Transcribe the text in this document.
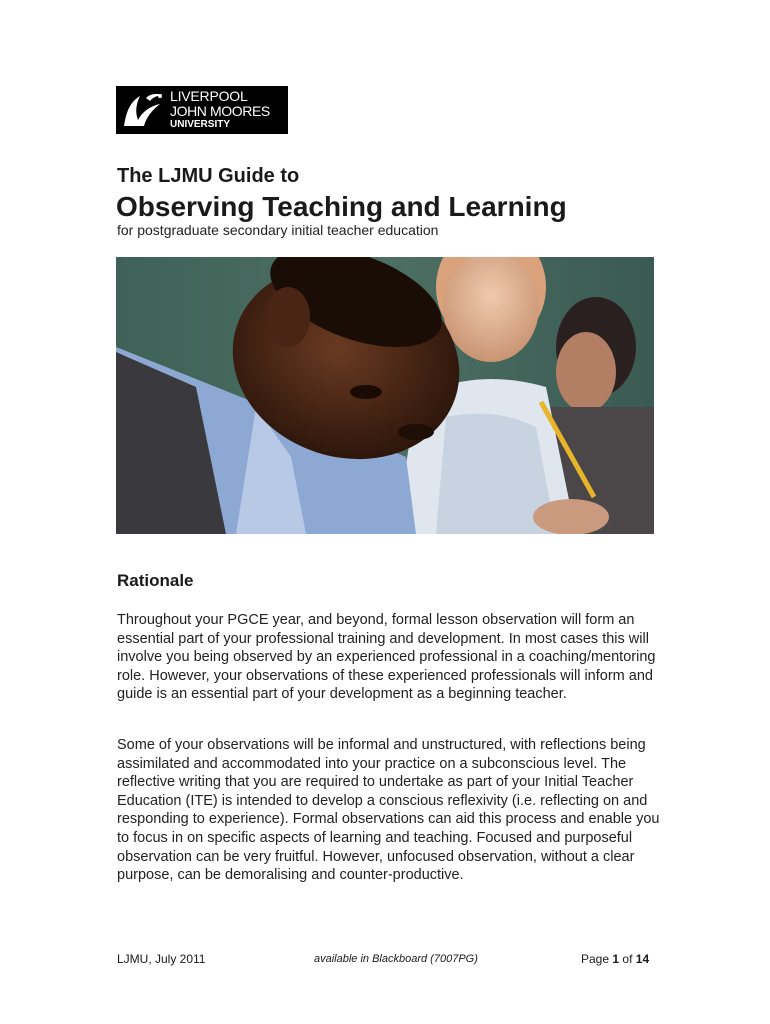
LIVERPOOL
JOHN MOORES
UNIVERSITY
The LJMU Guide to
Observing Teaching and Learning
for postgraduate secondary initial teacher education
Rationale
Throughout your PGCE year, and beyond, formal lesson observation will form an essential part of your professional training and development. In most cases this will involve you being observed by an experienced professional in a coaching/mentoring role. However, your observations of these experienced professionals will inform and guide is an essential part of your development as a beginning teacher.
Some of your observations will be informal and unstructured, with reflections being assimilated and accommodated into your practice on a subconscious level. The reflective writing that you are required to undertake as part of your Initial Teacher Education (ITE) is intended to develop a conscious reflexivity (i.e. reflecting on and responding to experience). Formal observations can aid this process and enable you to focus in on specific aspects of learning and teaching. Focused and purposeful observation can be very fruitful. However, unfocused observation, without a clear purpose, can be demoralising and counter-productive.
LJMU, July 2011	available in Blackboard (7007PG)	Page 1 of 14
